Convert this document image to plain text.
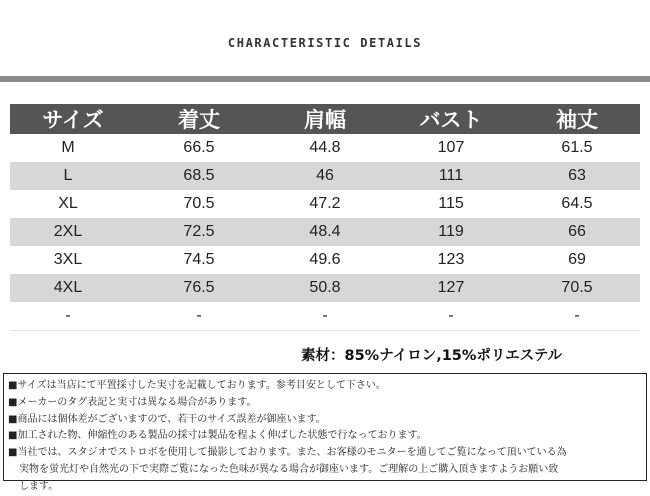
CHARACTERISTIC DETAILS
サイズ	着丈	肩幅	バスト	袖丈
M	66.5	44.8	107	61.5
L	68.5	46	111	63
XL	70.5	47.2	115	64.5
2XL	72.5	48.4	119	66
3XL	74.5	49.6	123	69
4XL	76.5	50.8	127	70.5
-	-	-	-	-
素材：85%ナイロン,15%ポリエステル
■サイズは当店にて平置採寸した実寸を記載しております。参考目安として下さい。
■メーカーのタグ表記と実寸は異なる場合があります。
■商品には個体差がございますので、若干のサイズ誤差が御座います。
■加工された物、伸縮性のある製品の採寸は製品を程よく伸ばした状態で行なっております。
■当社では、スタジオでストロボを使用して撮影しております。また、お客様のモニターを通してご覧になって頂いている為
実物を蛍光灯や自然光の下で実際ご覧になった色味が異なる場合が御座います。ご理解の上ご購入頂きますようお願い致
します。
